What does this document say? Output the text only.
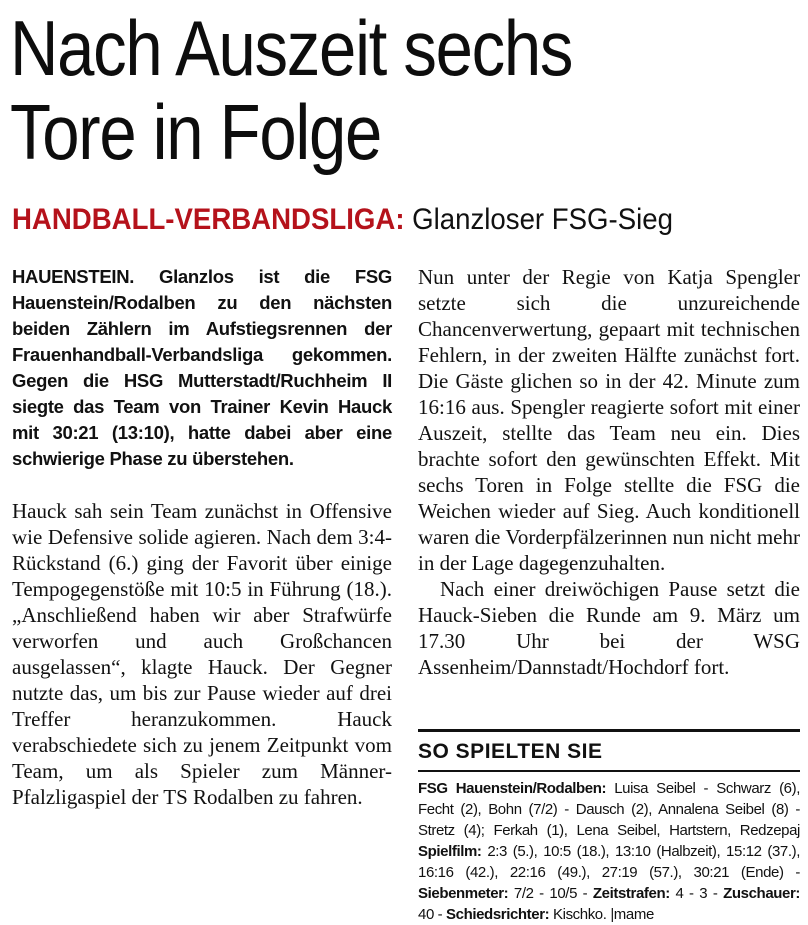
Nach Auszeit sechs
Tore in Folge
HANDBALL-VERBANDSLIGA: Glanzloser FSG-Sieg

HAUENSTEIN. Glanzlos ist die FSG Hauenstein/Rodalben zu den nächsten beiden Zählern im Aufstiegsrennen der Frauenhandball-Verbandsliga gekommen. Gegen die HSG Mutterstadt/Ruchheim II siegte das Team von Trainer Kevin Hauck mit 30:21 (13:10), hatte dabei aber eine schwierige Phase zu überstehen.

Hauck sah sein Team zunächst in Offensive wie Defensive solide agieren. Nach dem 3:4-Rückstand (6.) ging der Favorit über einige Tempogegenstöße mit 10:5 in Führung (18.). „Anschließend haben wir aber Strafwürfe verworfen und auch Großchancen ausgelassen“, klagte Hauck. Der Gegner nutzte das, um bis zur Pause wieder auf drei Treffer heranzukommen. Hauck verabschiedete sich zu jenem Zeitpunkt vom Team, um als Spieler zum Männer-Pfalzligaspiel der TS Rodalben zu fahren.

Nun unter der Regie von Katja Spengler setzte sich die unzureichende Chancenverwertung, gepaart mit technischen Fehlern, in der zweiten Hälfte zunächst fort. Die Gäste glichen so in der 42. Minute zum 16:16 aus. Spengler reagierte sofort mit einer Auszeit, stellte das Team neu ein. Dies brachte sofort den gewünschten Effekt. Mit sechs Toren in Folge stellte die FSG die Weichen wieder auf Sieg. Auch konditionell waren die Vorderpfälzerinnen nun nicht mehr in der Lage dagegenzuhalten.

Nach einer dreiwöchigen Pause setzt die Hauck-Sieben die Runde am 9. März um 17.30 Uhr bei der WSG Assenheim/Dannstadt/Hochdorf fort.

SO SPIELTEN SIE
FSG Hauenstein/Rodalben: Luisa Seibel - Schwarz (6), Fecht (2), Bohn (7/2) - Dausch (2), Annalena Seibel (8) - Stretz (4); Ferkah (1), Lena Seibel, Hartstern, Redzepaj Spielfilm: 2:3 (5.), 10:5 (18.), 13:10 (Halbzeit), 15:12 (37.), 16:16 (42.), 22:16 (49.), 27:19 (57.), 30:21 (Ende) - Siebenmeter: 7/2 - 10/5 - Zeitstrafen: 4 - 3 - Zuschauer: 40 - Schiedsrichter: Kischko. |mame
